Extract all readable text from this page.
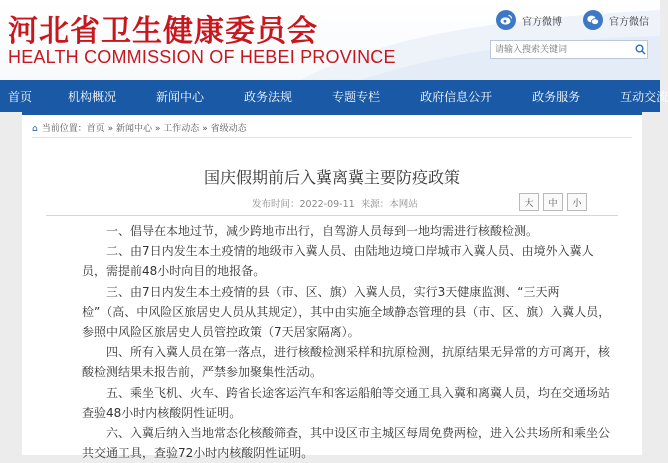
河北省卫生健康委员会
HEALTH COMMISSION OF HEBEI PROVINCE
官方微博	官方微信
请输入搜索关键词
首页	机构概况	新闻中心	政务法规	专题专栏	政府信息公开	政务服务	互动交流
⌂ 当前位置：首页 » 新闻中心 » 工作动态 » 省级动态
国庆假期前后入冀离冀主要防疫政策
发布时间：2022-09-11 来源：本网站	大	中	小

一、倡导在本地过节，减少跨地市出行，自驾游人员每到一地均需进行核酸检测。

二、由7日内发生本土疫情的地级市入冀人员、由陆地边境口岸城市入冀人员、由境外入冀人员，需提前48小时向目的地报备。

三、由7日内发生本土疫情的县（市、区、旗）入冀人员，实行3天健康监测、“三天两检”（高、中风险区旅居史人员从其规定），其中由实施全域静态管理的县（市、区、旗）入冀人员，参照中风险区旅居史人员管控政策（7天居家隔离）。

四、所有入冀人员在第一落点，进行核酸检测采样和抗原检测，抗原结果无异常的方可离开，核酸检测结果未报告前，严禁参加聚集性活动。

五、乘坐飞机、火车、跨省长途客运汽车和客运船舶等交通工具入冀和离冀人员，均在交通场站查验48小时内核酸阴性证明。

六、入冀后纳入当地常态化核酸筛查，其中设区市主城区每周免费两检，进入公共场所和乘坐公共交通工具，查验72小时内核酸阴性证明。
